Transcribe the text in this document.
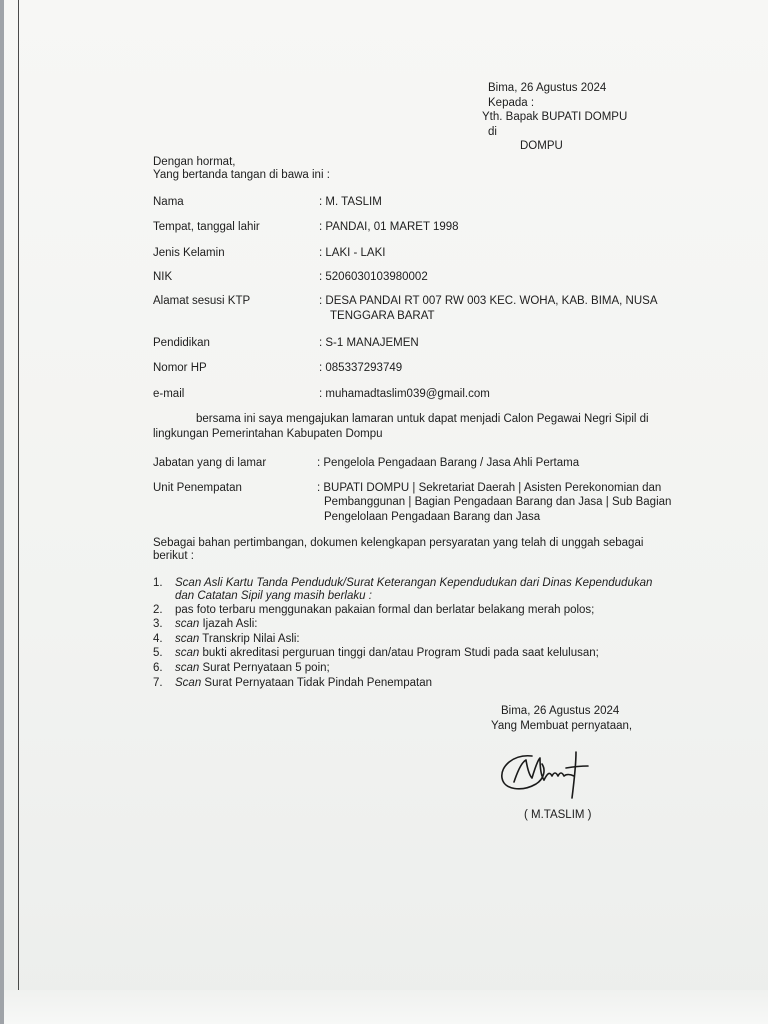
Bima, 26 Agustus 2024
Kepada :
Yth. Bapak BUPATI DOMPU
di
DOMPU
Dengan hormat,
Yang bertanda tangan di bawa ini :
Nama	: M. TASLIM
Tempat, tanggal lahir	: PANDAI, 01 MARET 1998
Jenis Kelamin	: LAKI - LAKI
NIK	: 5206030103980002
Alamat sesusi KTP	: DESA PANDAI RT 007 RW 003 KEC. WOHA, KAB. BIMA, NUSA
TENGGARA BARAT
Pendidikan	: S-1 MANAJEMEN
Nomor HP	: 085337293749
e-mail	: muhamadtaslim039@gmail.com
bersama ini saya mengajukan lamaran untuk dapat menjadi Calon Pegawai Negri Sipil di
lingkungan Pemerintahan Kabupaten Dompu
Jabatan yang di lamar	: Pengelola Pengadaan Barang / Jasa Ahli Pertama
Unit Penempatan	: BUPATI DOMPU | Sekretariat Daerah | Asisten Perekonomian dan
Pembanggunan | Bagian Pengadaan Barang dan Jasa | Sub Bagian
Pengelolaan Pengadaan Barang dan Jasa
Sebagai bahan pertimbangan, dokumen kelengkapan persyaratan yang telah di unggah sebagai
berikut :
1. Scan Asli Kartu Tanda Penduduk/Surat Keterangan Kependudukan dari Dinas Kependudukan
dan Catatan Sipil yang masih berlaku :
2. pas foto terbaru menggunakan pakaian formal dan berlatar belakang merah polos;
3. scan Ijazah Asli:
4. scan Transkrip Nilai Asli:
5. scan bukti akreditasi perguruan tinggi dan/atau Program Studi pada saat kelulusan;
6. scan Surat Pernyataan 5 poin;
7. Scan Surat Pernyataan Tidak Pindah Penempatan
Bima, 26 Agustus 2024
Yang Membuat pernyataan,
( M.TASLIM )
